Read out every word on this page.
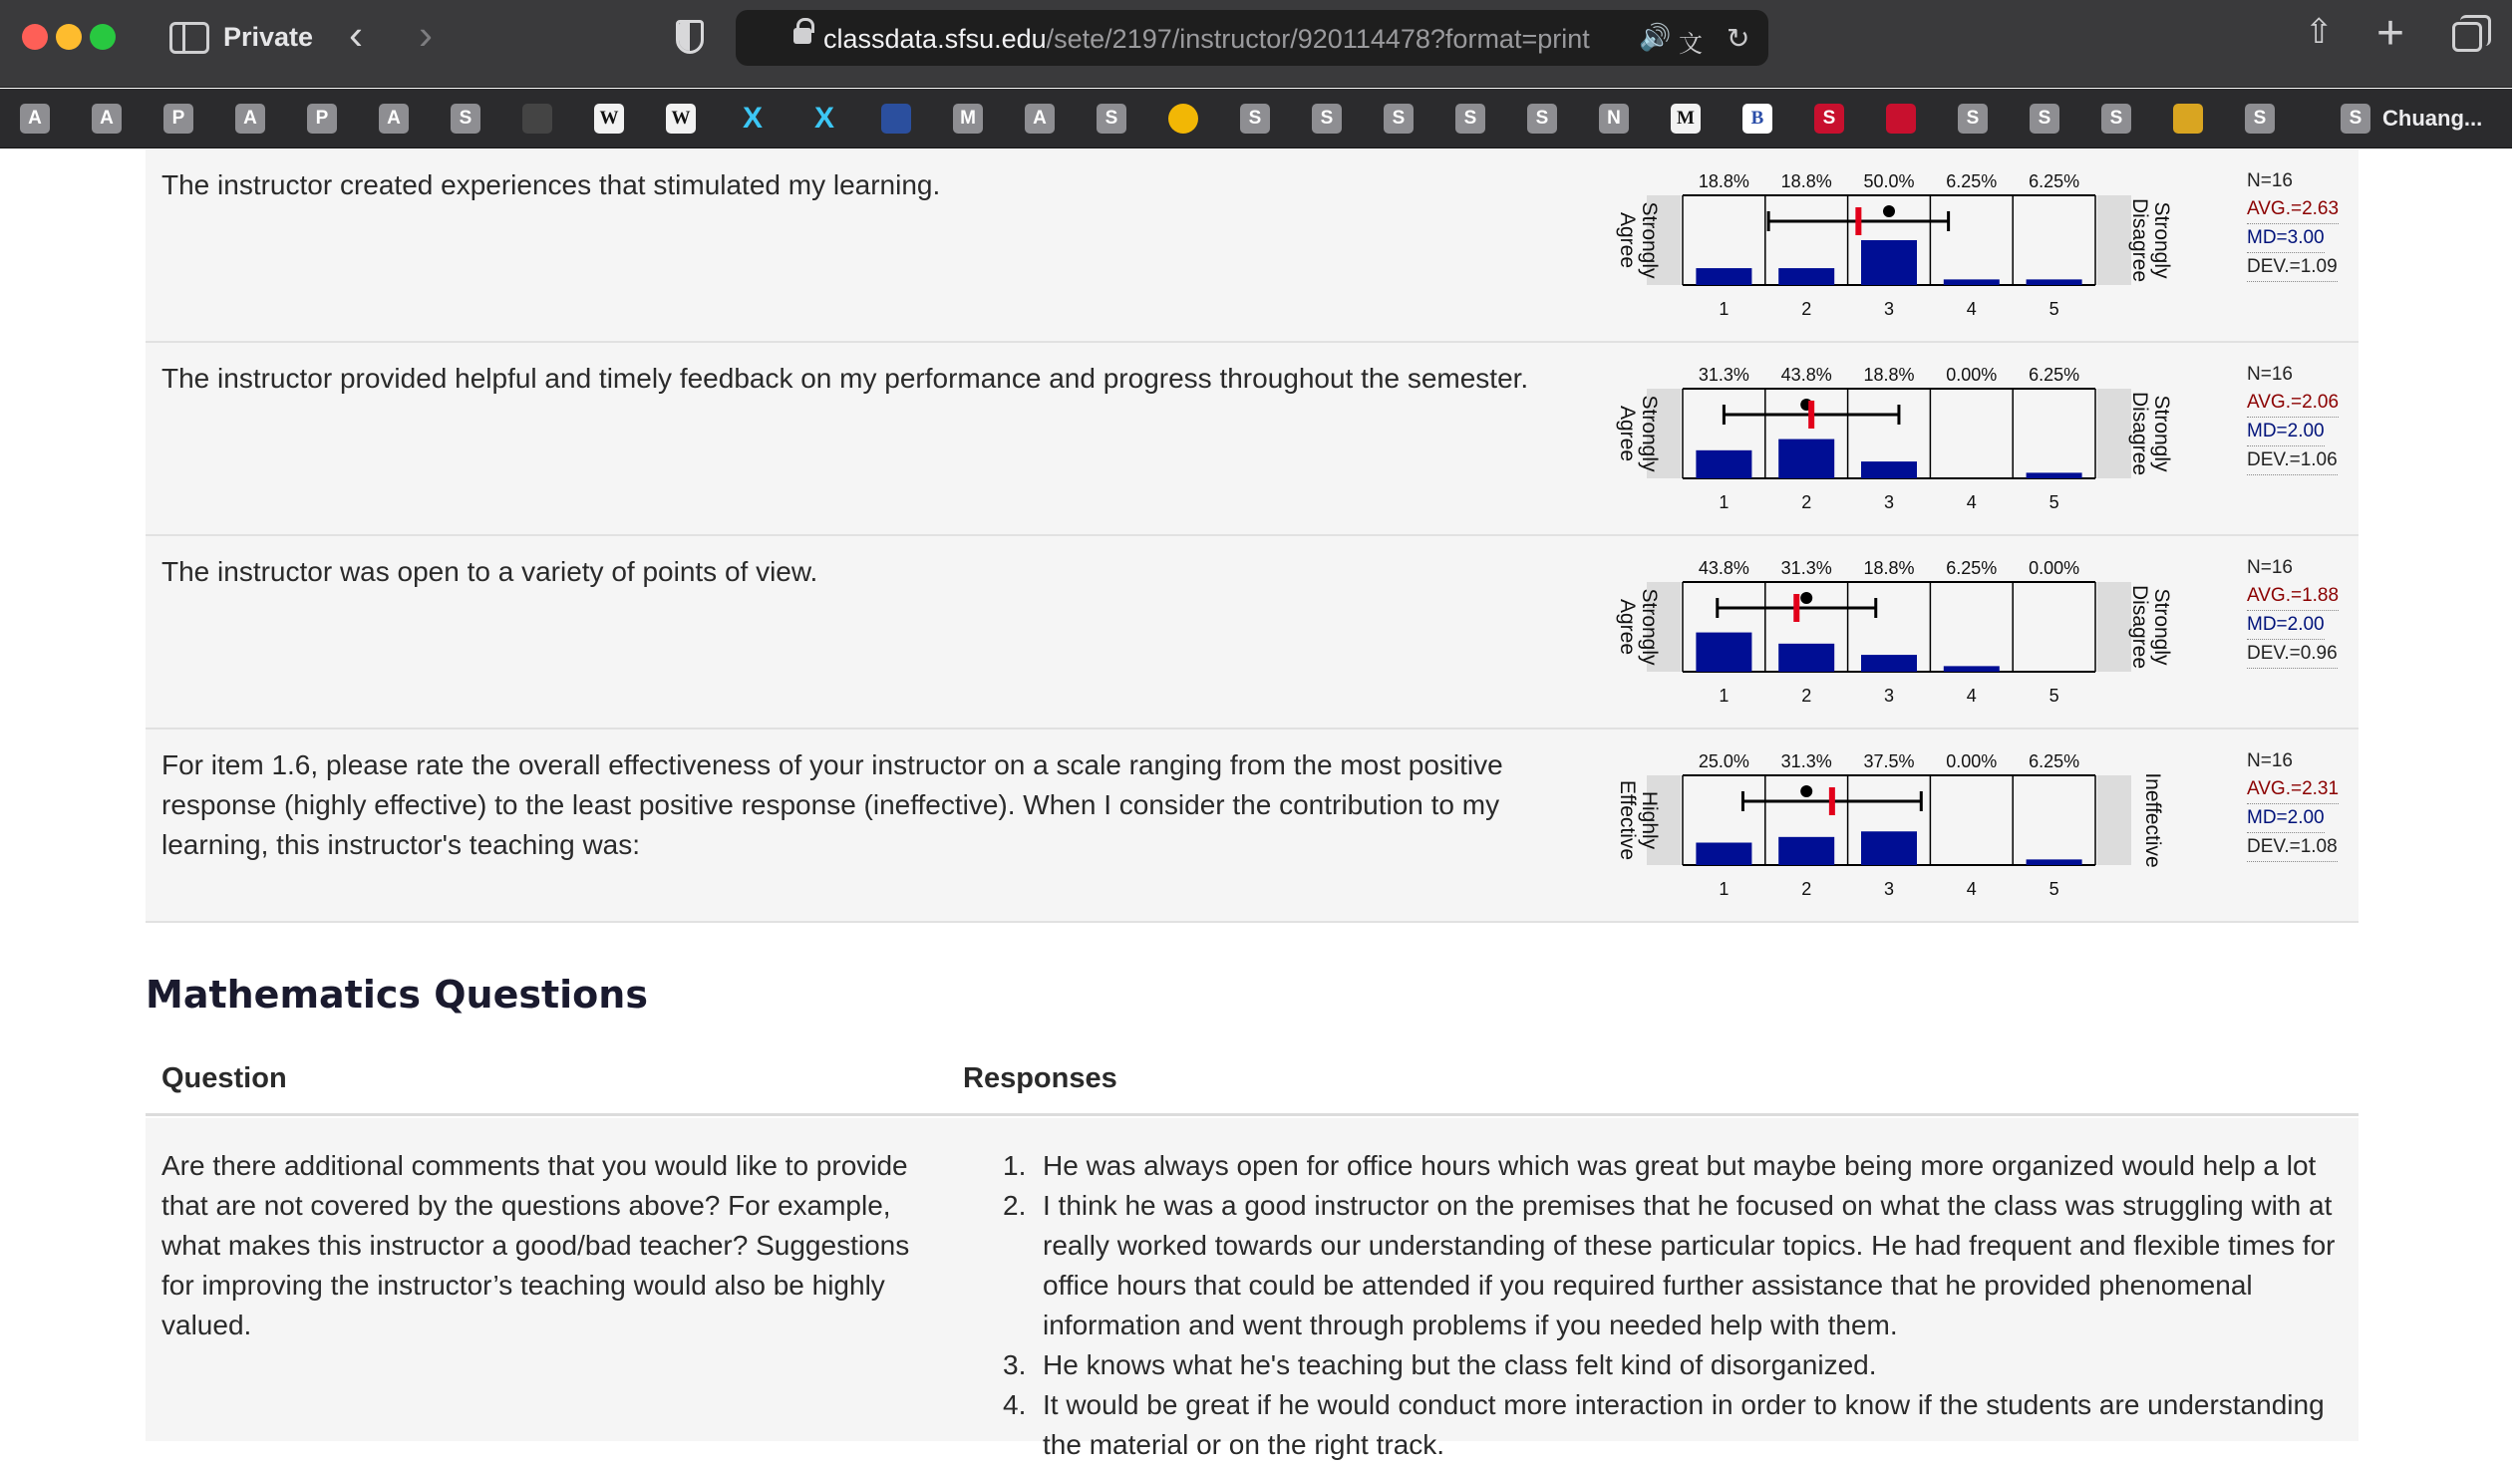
Private ‹ ›	classdata.sfsu.edu/sete/2197/instructor/920114478?format=print 🔊 文 ↻	⇧ +
S Chuang...
A	A	P	A	P	A	S	W	W X X	M	A	S	S	S	S	S	S	N	M	B	S	S	S	S	S
The instructor created experiences that stimulated my learning.	18.8%
1
18.8%
2
50.0%
3
6.25%
4
6.25%
5
StronglyAgree	StronglyDisagree
N=16
AVG.=2.63
MD=3.00
DEV.=1.09
The instructor provided helpful and timely feedback on my performance and progress throughout the semester.	31.3%
1
43.8%
2
18.8%
3
0.00%
4
6.25%
5
StronglyAgree	StronglyDisagree
N=16
AVG.=2.06
MD=2.00
DEV.=1.06
The instructor was open to a variety of points of view.	43.8%
1
31.3%
2
18.8%
3
6.25%
4
0.00%
5
StronglyAgree	StronglyDisagree
N=16
AVG.=1.88
MD=2.00
DEV.=0.96
For item 1.6, please rate the overall effectiveness of your instructor on a scale ranging from the most positive response (highly effective) to the least positive response (ineffective). When I consider the contribution to my learning, this instructor's teaching was:
25.0%
1
31.3%
2
37.5%
3
0.00%
4
6.25%
5
HighlyEffective	Ineffective
N=16
AVG.=2.31
MD=2.00
DEV.=1.08
Mathematics Questions
Question	Responses
Are there additional comments that you would like to provide that are not covered by the questions above? For example, what makes this instructor a good/bad teacher? Suggestions for improving the instructor’s teaching would also be highly valued.
1. He was always open for office hours which was great but maybe being more organized would help a lot
2. I think he was a good instructor on the premises that he focused on what the class was struggling with at really worked towards our understanding of these particular topics. He had frequent and flexible times for office hours that could be attended if you required further assistance that he provided phenomenal information and went through problems if you needed help with them.
3. He knows what he's teaching but the class felt kind of disorganized.
4. It would be great if he would conduct more interaction in order to know if the students are understanding the material or on the right track.
